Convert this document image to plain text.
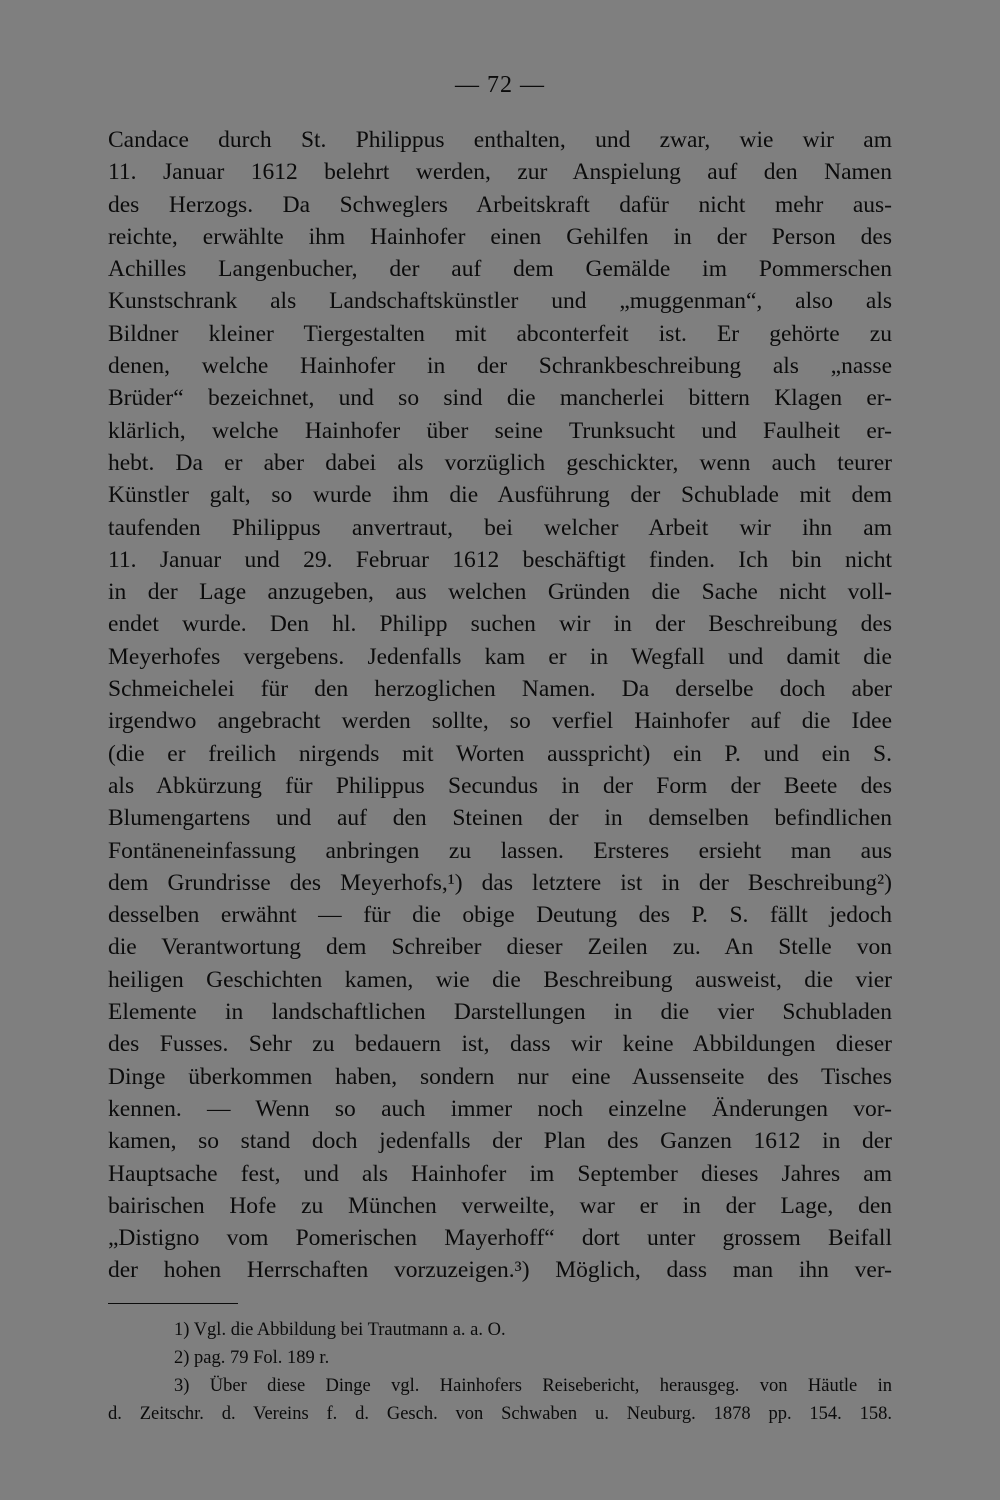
— 72 —
Candace durch St. Philippus enthalten, und zwar, wie wir am
11. Januar 1612 belehrt werden, zur Anspielung auf den Namen
des Herzogs. Da Schweglers Arbeitskraft dafür nicht mehr aus-
reichte, erwählte ihm Hainhofer einen Gehilfen in der Person des
Achilles Langenbucher, der auf dem Gemälde im Pommerschen
Kunstschrank als Landschaftskünstler und „muggenman“, also als
Bildner kleiner Tiergestalten mit abconterfeit ist. Er gehörte zu
denen, welche Hainhofer in der Schrankbeschreibung als „nasse
Brüder“ bezeichnet, und so sind die mancherlei bittern Klagen er-
klärlich, welche Hainhofer über seine Trunksucht und Faulheit er-
hebt. Da er aber dabei als vorzüglich geschickter, wenn auch teurer
Künstler galt, so wurde ihm die Ausführung der Schublade mit dem
taufenden Philippus anvertraut, bei welcher Arbeit wir ihn am
11. Januar und 29. Februar 1612 beschäftigt finden. Ich bin nicht
in der Lage anzugeben, aus welchen Gründen die Sache nicht voll-
endet wurde. Den hl. Philipp suchen wir in der Beschreibung des
Meyerhofes vergebens. Jedenfalls kam er in Wegfall und damit die
Schmeichelei für den herzoglichen Namen. Da derselbe doch aber
irgendwo angebracht werden sollte, so verfiel Hainhofer auf die Idee
(die er freilich nirgends mit Worten ausspricht) ein P. und ein S.
als Abkürzung für Philippus Secundus in der Form der Beete des
Blumengartens und auf den Steinen der in demselben befindlichen
Fontäneneinfassung anbringen zu lassen. Ersteres ersieht man aus
dem Grundrisse des Meyerhofs,¹) das letztere ist in der Beschreibung²)
desselben erwähnt — für die obige Deutung des P. S. fällt jedoch
die Verantwortung dem Schreiber dieser Zeilen zu. An Stelle von
heiligen Geschichten kamen, wie die Beschreibung ausweist, die vier
Elemente in landschaftlichen Darstellungen in die vier Schubladen
des Fusses. Sehr zu bedauern ist, dass wir keine Abbildungen dieser
Dinge überkommen haben, sondern nur eine Aussenseite des Tisches
kennen. — Wenn so auch immer noch einzelne Änderungen vor-
kamen, so stand doch jedenfalls der Plan des Ganzen 1612 in der
Hauptsache fest, und als Hainhofer im September dieses Jahres am
bairischen Hofe zu München verweilte, war er in der Lage, den
„Distigno vom Pomerischen Mayerhoff“ dort unter grossem Beifall
der hohen Herrschaften vorzuzeigen.³) Möglich, dass man ihn ver-
1) Vgl. die Abbildung bei Trautmann a. a. O.
2) pag. 79 Fol. 189 r.
3) Über diese Dinge vgl. Hainhofers Reisebericht, herausgeg. von Häutle in
d. Zeitschr. d. Vereins f. d. Gesch. von Schwaben u. Neuburg. 1878 pp. 154. 158.
